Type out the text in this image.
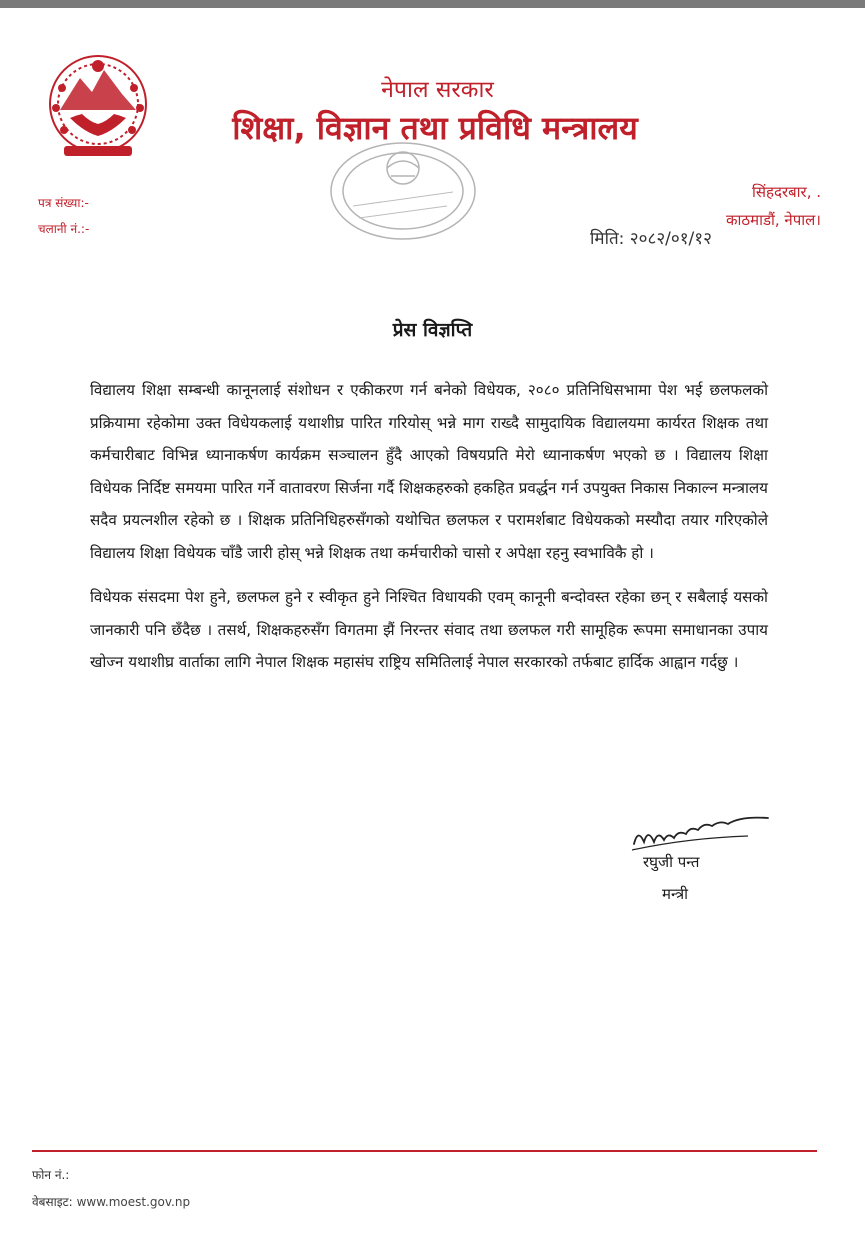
नेपाल सरकार
शिक्षा, विज्ञान तथा प्रविधि मन्त्रालय
पत्र संख्या:-
चलानी नं.:-
सिंहदरबार, .
काठमाडौं, नेपाल।
मिति: २०८२/०१/१२
प्रेस विज्ञप्ति

विद्यालय शिक्षा सम्बन्धी कानूनलाई संशोधन र एकीकरण गर्न बनेको विधेयक, २०८० प्रतिनिधिसभामा पेश भई छलफलको प्रक्रियामा रहेकोमा उक्त विधेयकलाई यथाशीघ्र पारित गरियोस् भन्ने माग राख्दै सामुदायिक विद्यालयमा कार्यरत शिक्षक तथा कर्मचारीबाट विभिन्न ध्यानाकर्षण कार्यक्रम सञ्चालन हुँदै आएको विषयप्रति मेरो ध्यानाकर्षण भएको छ । विद्यालय शिक्षा विधेयक निर्दिष्ट समयमा पारित गर्ने वातावरण सिर्जना गर्दै शिक्षकहरुको हकहित प्रवर्द्धन गर्न उपयुक्त निकास निकाल्न मन्त्रालय सदैव प्रयत्नशील रहेको छ । शिक्षक प्रतिनिधिहरुसँगको यथोचित छलफल र परामर्शबाट विधेयकको मस्यौदा तयार गरिएकोले विद्यालय शिक्षा विधेयक चाँडै जारी होस् भन्ने शिक्षक तथा कर्मचारीको चासो र अपेक्षा रहनु स्वभाविकै हो ।

विधेयक संसदमा पेश हुने, छलफल हुने र स्वीकृत हुने निश्चित विधायकी एवम् कानूनी बन्दोवस्त रहेका छन् र सबैलाई यसको जानकारी पनि छँदैछ । तसर्थ, शिक्षकहरुसँग विगतमा झैं निरन्तर संवाद तथा छलफल गरी सामूहिक रूपमा समाधानका उपाय खोज्न यथाशीघ्र वार्ताका लागि नेपाल शिक्षक महासंघ राष्ट्रिय समितिलाई नेपाल सरकारको तर्फबाट हार्दिक आह्वान गर्दछु ।

रघुजी पन्त
मन्त्री
फोन नं.:
वेबसाइट: www.moest.gov.np
